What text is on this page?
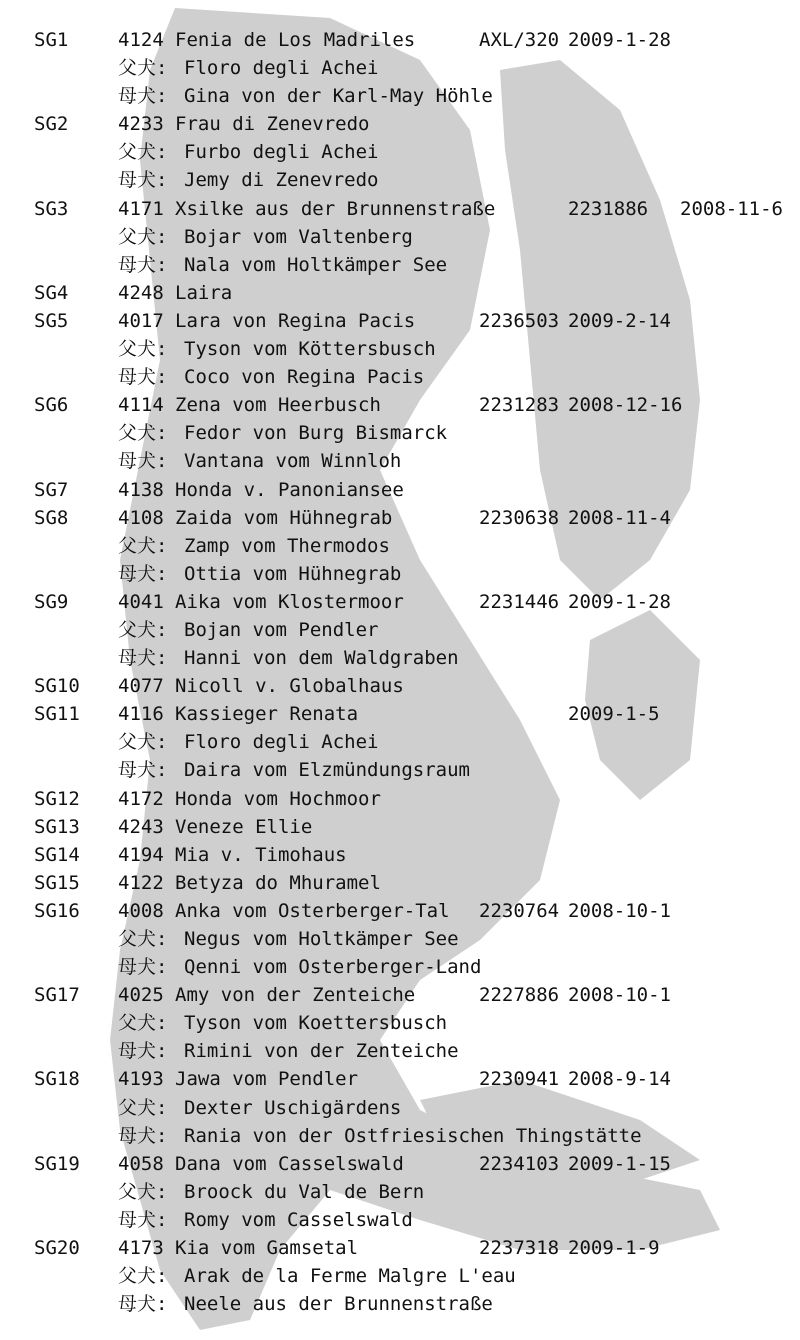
SG1	4124 Fenia de Los Madriles	AXL/320 2009-1-28
父犬: Floro degli Achei
母犬: Gina von der Karl-May Höhle
SG2	4233 Frau di Zenevredo
父犬: Furbo degli Achei
母犬: Jemy di Zenevredo
SG3	4171 Xsilke aus der Brunnenstraße	2231886 2008-11-6
父犬: Bojar vom Valtenberg
母犬: Nala vom Holtkämper See
SG4	4248 Laira
SG5	4017 Lara von Regina Pacis	2236503 2009-2-14
父犬: Tyson vom Köttersbusch
母犬: Coco von Regina Pacis
SG6	4114 Zena vom Heerbusch	2231283 2008-12-16
父犬: Fedor von Burg Bismarck
母犬: Vantana vom Winnloh
SG7	4138 Honda v. Panoniansee
SG8	4108 Zaida vom Hühnegrab	2230638 2008-11-4
父犬: Zamp vom Thermodos
母犬: Ottia vom Hühnegrab
SG9	4041 Aika vom Klostermoor	2231446 2009-1-28
父犬: Bojan vom Pendler
母犬: Hanni von dem Waldgraben
SG10 4077 Nicoll v. Globalhaus
SG11 4116 Kassieger Renata	2009-1-5
父犬: Floro degli Achei
母犬: Daira vom Elzmündungsraum
SG12 4172 Honda vom Hochmoor
SG13 4243 Veneze Ellie
SG14 4194 Mia v. Timohaus
SG15 4122 Betyza do Mhuramel
SG16 4008 Anka vom Osterberger-Tal 2230764 2008-10-1
父犬: Negus vom Holtkämper See
母犬: Qenni vom Osterberger-Land
SG17 4025 Amy von der Zenteiche	2227886 2008-10-1
父犬: Tyson vom Koettersbusch
母犬: Rimini von der Zenteiche
SG18 4193 Jawa vom Pendler	2230941 2008-9-14
父犬: Dexter Uschigärdens
母犬: Rania von der Ostfriesischen Thingstätte
SG19 4058 Dana vom Casselswald	2234103 2009-1-15
父犬: Broock du Val de Bern
母犬: Romy vom Casselswald
SG20 4173 Kia vom Gamsetal	2237318 2009-1-9
父犬: Arak de la Ferme Malgre L'eau
母犬: Neele aus der Brunnenstraße
